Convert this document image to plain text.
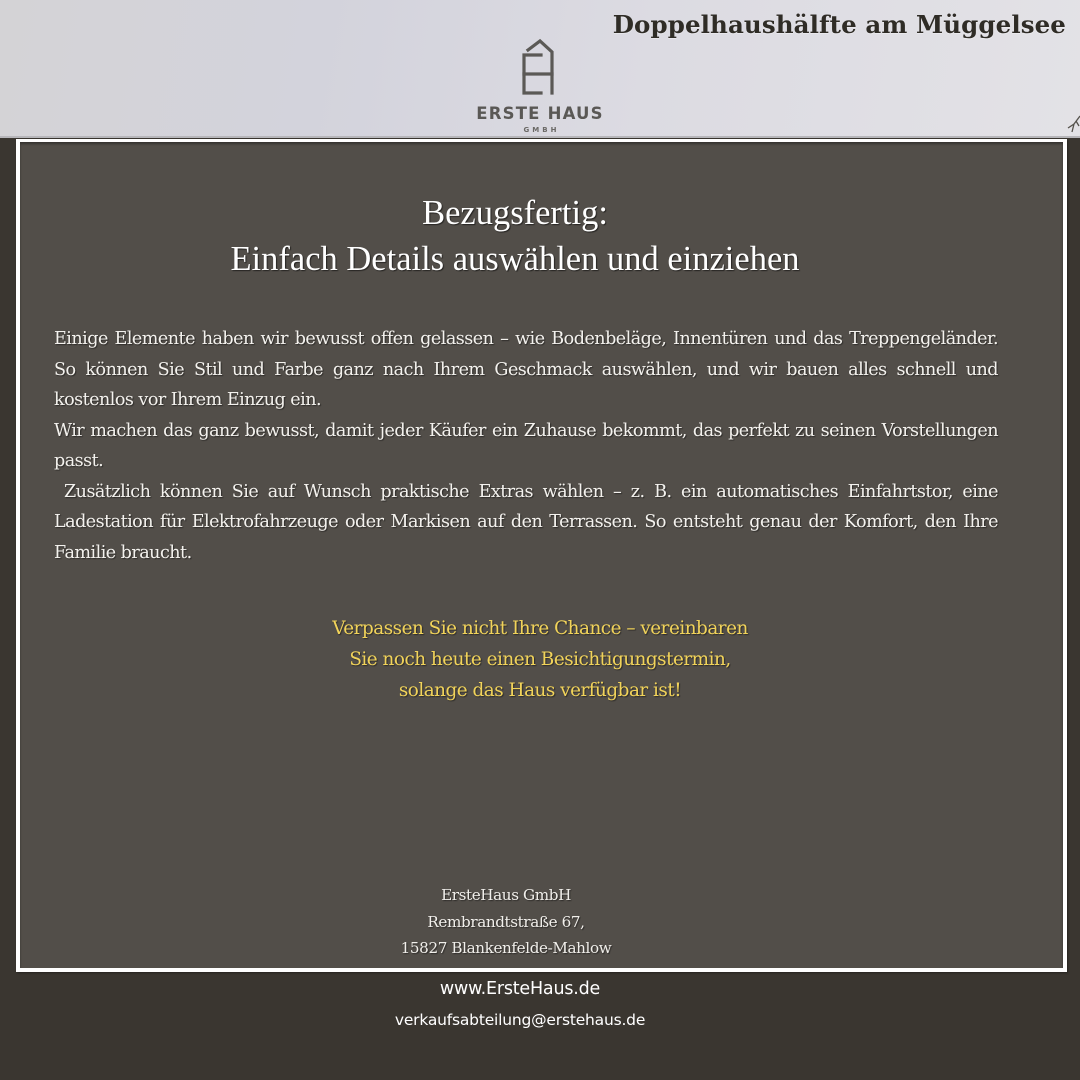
Doppelhaushälfte am Müggelsee
ERSTE HAUS
GMBH
Bezugsfertig:
Einfach Details auswählen und einziehen

Einige Elemente haben wir bewusst offen gelassen – wie Bodenbeläge, Innentüren und das Treppengeländer. So können Sie Stil und Farbe ganz nach Ihrem Geschmack auswählen, und wir bauen alles schnell und kostenlos vor Ihrem Einzug ein.

Wir machen das ganz bewusst, damit jeder Käufer ein Zuhause bekommt, das perfekt zu seinen Vorstellungen passt.

Zusätzlich können Sie auf Wunsch praktische Extras wählen – z. B. ein automatisches Einfahrtstor, eine Ladestation für Elektrofahrzeuge oder Markisen auf den Terrassen. So entsteht genau der Komfort, den Ihre Familie braucht.

Verpassen Sie nicht Ihre Chance – vereinbaren
Sie noch heute einen Besichtigungstermin,
solange das Haus verfügbar ist!
ErsteHaus GmbH
Rembrandtstraße 67,
15827 Blankenfelde-Mahlow
www.ErsteHaus.de
verkaufsabteilung@erstehaus.de
